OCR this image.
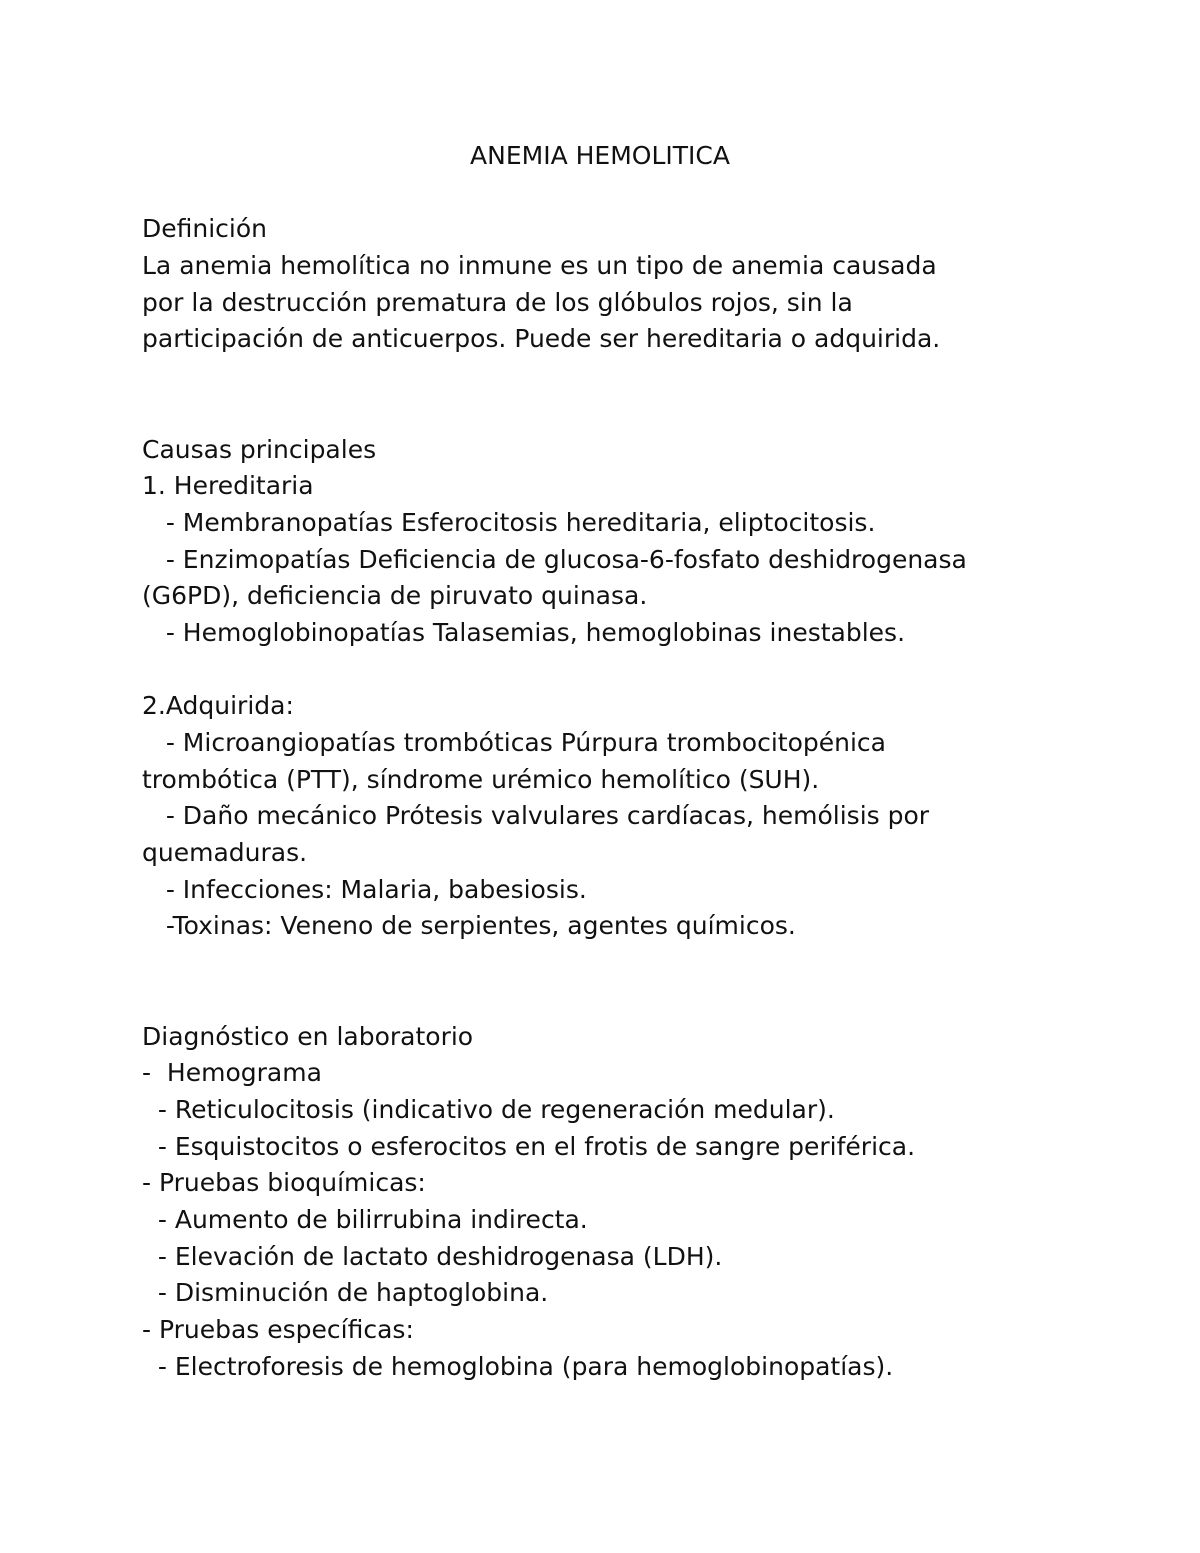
ANEMIA HEMOLITICA
Definición
La anemia hemolítica no inmune es un tipo de anemia causada
por la destrucción prematura de los glóbulos rojos, sin la
participación de anticuerpos. Puede ser hereditaria o adquirida.
Causas principales
1. Hereditaria
- Membranopatías Esferocitosis hereditaria, eliptocitosis.
- Enzimopatías Deficiencia de glucosa-6-fosfato deshidrogenasa
(G6PD), deficiencia de piruvato quinasa.
- Hemoglobinopatías Talasemias, hemoglobinas inestables.
2.Adquirida:
- Microangiopatías trombóticas Púrpura trombocitopénica
trombótica (PTT), síndrome urémico hemolítico (SUH).
- Daño mecánico Prótesis valvulares cardíacas, hemólisis por
quemaduras.
- Infecciones: Malaria, babesiosis.
-Toxinas: Veneno de serpientes, agentes químicos.
Diagnóstico en laboratorio
-  Hemograma
- Reticulocitosis (indicativo de regeneración medular).
- Esquistocitos o esferocitos en el frotis de sangre periférica.
- Pruebas bioquímicas:
- Aumento de bilirrubina indirecta.
- Elevación de lactato deshidrogenasa (LDH).
- Disminución de haptoglobina.
- Pruebas específicas:
- Electroforesis de hemoglobina (para hemoglobinopatías).
